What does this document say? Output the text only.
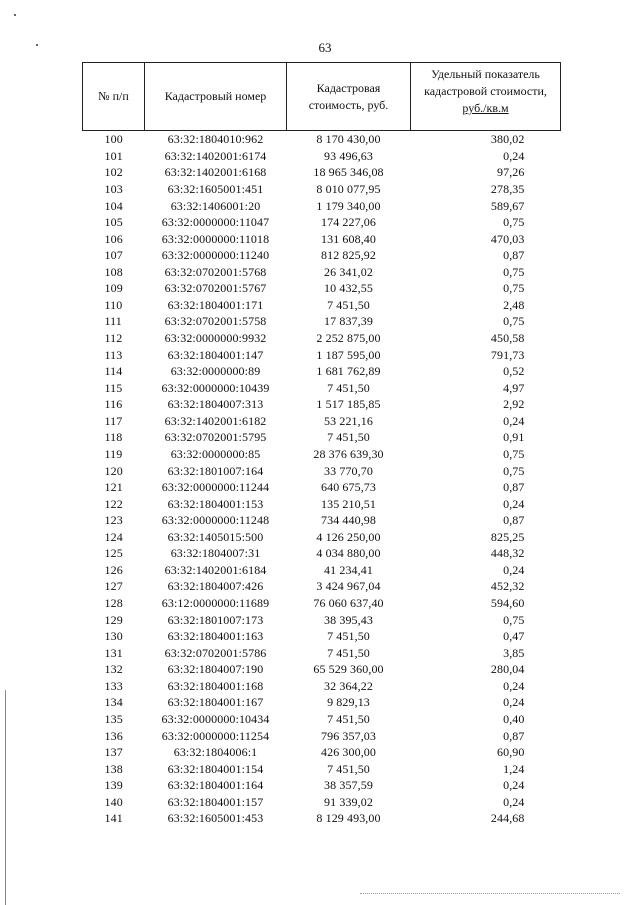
63
№ п/п	Кадастровый номер	Кадастровая стоимость, руб.	Удельный показатель кадастровой стоимости,
руб./кв.м
100	63:32:1804010:962	8 170 430,00	380,02
101	63:32:1402001:6174	93 496,63	0,24
102	63:32:1402001:6168	18 965 346,08	97,26
103	63:32:1605001:451	8 010 077,95	278,35
104	63:32:1406001:20	1 179 340,00	589,67
105	63:32:0000000:11047	174 227,06	0,75
106	63:32:0000000:11018	131 608,40	470,03
107	63:32:0000000:11240	812 825,92	0,87
108	63:32:0702001:5768	26 341,02	0,75
109	63:32:0702001:5767	10 432,55	0,75
110	63:32:1804001:171	7 451,50	2,48
111	63:32:0702001:5758	17 837,39	0,75
112	63:32:0000000:9932	2 252 875,00	450,58
113	63:32:1804001:147	1 187 595,00	791,73
114	63:32:0000000:89	1 681 762,89	0,52
115	63:32:0000000:10439	7 451,50	4,97
116	63:32:1804007:313	1 517 185,85	2,92
117	63:32:1402001:6182	53 221,16	0,24
118	63:32:0702001:5795	7 451,50	0,91
119	63:32:0000000:85	28 376 639,30	0,75
120	63:32:1801007:164	33 770,70	0,75
121	63:32:0000000:11244	640 675,73	0,87
122	63:32:1804001:153	135 210,51	0,24
123	63:32:0000000:11248	734 440,98	0,87
124	63:32:1405015:500	4 126 250,00	825,25
125	63:32:1804007:31	4 034 880,00	448,32
126	63:32:1402001:6184	41 234,41	0,24
127	63:32:1804007:426	3 424 967,04	452,32
128	63:12:0000000:11689	76 060 637,40	594,60
129	63:32:1801007:173	38 395,43	0,75
130	63:32:1804001:163	7 451,50	0,47
131	63:32:0702001:5786	7 451,50	3,85
132	63:32:1804007:190	65 529 360,00	280,04
133	63:32:1804001:168	32 364,22	0,24
134	63:32:1804001:167	9 829,13	0,24
135	63:32:0000000:10434	7 451,50	0,40
136	63:32:0000000:11254	796 357,03	0,87
137	63:32:1804006:1	426 300,00	60,90
138	63:32:1804001:154	7 451,50	1,24
139	63:32:1804001:164	38 357,59	0,24
140	63:32:1804001:157	91 339,02	0,24
141	63:32:1605001:453	8 129 493,00	244,68
